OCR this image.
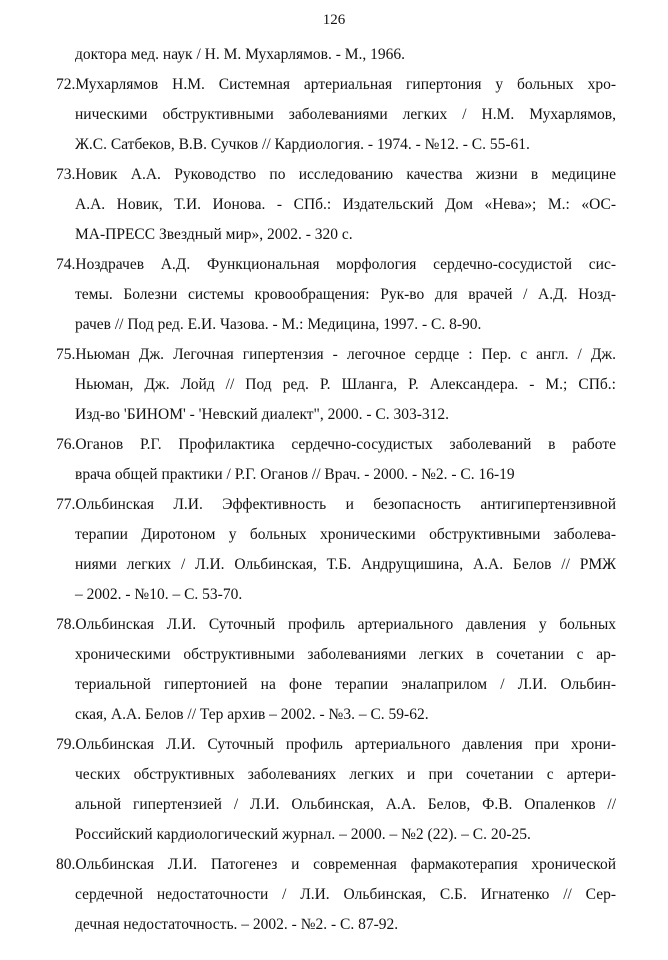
126
доктора мед. наук / Н. М. Мухарлямов. - М., 1966.
72.Мухарлямов Н.М. Системная артериальная гипертония у больных хро-
ническими обструктивными заболеваниями легких / Н.М. Мухарлямов,
Ж.С. Сатбеков, В.В. Сучков // Кардиология. - 1974. - №12. - С. 55-61.
73.Новик А.А. Руководство по исследованию качества жизни в медицине
А.А. Новик, Т.И. Ионова. - СПб.: Издательский Дом «Нева»; М.: «ОС-
МА-ПРЕСС Звездный мир», 2002. - 320 с.
74.Ноздрачев А.Д. Функциональная морфология сердечно-сосудистой сис-
темы. Болезни системы кровообращения: Рук-во для врачей / А.Д. Нозд-
рачев // Под ред. Е.И. Чазова. - М.: Медицина, 1997. - С. 8-90.
75.Ньюман Дж. Легочная гипертензия - легочное сердце : Пер. с англ. / Дж.
Ньюман, Дж. Лойд // Под ред. Р. Шланга, Р. Александера. - М.; СПб.:
Изд-во 'БИНОМ' - 'Невский диалект", 2000. - С. 303-312.
76.Оганов Р.Г. Профилактика сердечно-сосудистых заболеваний в работе
врача общей практики / Р.Г. Оганов // Врач. - 2000. - №2. - С. 16-19
77.Ольбинская Л.И. Эффективность и безопасность антигипертензивной
терапии Диротоном у больных хроническими обструктивными заболева-
ниями легких / Л.И. Ольбинская, Т.Б. Андрущишина, А.А. Белов // РМЖ
– 2002. - №10. – С. 53-70.
78.Ольбинская Л.И. Суточный профиль артериального давления у больных
хроническими обструктивными заболеваниями легких в сочетании с ар-
териальной гипертонией на фоне терапии эналаприлом / Л.И. Ольбин-
ская, А.А. Белов // Тер архив – 2002. - №3. – С. 59-62.
79.Ольбинская Л.И. Суточный профиль артериального давления при хрони-
ческих обструктивных заболеваниях легких и при сочетании с артери-
альной гипертензией / Л.И. Ольбинская, А.А. Белов, Ф.В. Опаленков //
Российский кардиологический журнал. – 2000. – №2 (22). – С. 20-25.
80.Ольбинская Л.И. Патогенез и современная фармакотерапия хронической
сердечной недостаточности / Л.И. Ольбинская, С.Б. Игнатенко // Сер-
дечная недостаточность. – 2002. - №2. - С. 87-92.
